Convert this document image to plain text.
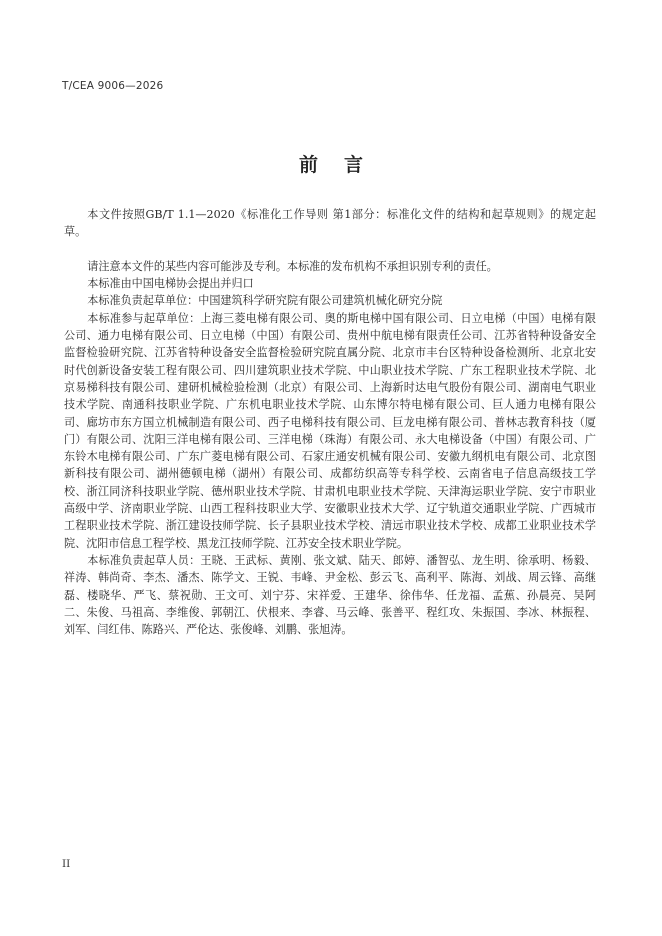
T/CEA 9006—2026
前言

本文件按照GB/T 1.1—2020《标准化工作导则 第1部分：标准化文件的结构和起草规则》的规定起草。

请注意本文件的某些内容可能涉及专利。本标准的发布机构不承担识别专利的责任。

本标准由中国电梯协会提出并归口

本标准负责起草单位：中国建筑科学研究院有限公司建筑机械化研究分院

本标准参与起草单位：上海三菱电梯有限公司、奥的斯电梯中国有限公司、日立电梯（中国）电梯有限公司、通力电梯有限公司、日立电梯（中国）有限公司、贵州中航电梯有限责任公司、江苏省特种设备安全监督检验研究院、江苏省特种设备安全监督检验研究院直属分院、北京市丰台区特种设备检测所、北京北安时代创新设备安装工程有限公司、四川建筑职业技术学院、中山职业技术学院、广东工程职业技术学院、北京易梯科技有限公司、建研机械检验检测（北京）有限公司、上海新时达电气股份有限公司、湖南电气职业技术学院、南通科技职业学院、广东机电职业技术学院、山东博尔特电梯有限公司、巨人通力电梯有限公司、廊坊市东方国立机械制造有限公司、西子电梯科技有限公司、巨龙电梯有限公司、普林志教育科技（厦门）有限公司、沈阳三洋电梯有限公司、三洋电梯（珠海）有限公司、永大电梯设备（中国）有限公司、广东铃木电梯有限公司、广东广菱电梯有限公司、石家庄通安机械有限公司、安徽九纲机电有限公司、北京图新科技有限公司、湖州德顿电梯（湖州）有限公司、成都纺织高等专科学校、云南省电子信息高级技工学校、浙江同济科技职业学院、德州职业技术学院、甘肃机电职业技术学院、天津海运职业学院、安宁市职业高级中学、济南职业学院、山西工程科技职业大学、安徽职业技术大学、辽宁轨道交通职业学院、广西城市工程职业技术学院、浙江建设技师学院、长子县职业技术学校、清远市职业技术学校、成都工业职业技术学院、沈阳市信息工程学校、黑龙江技师学院、江苏安全技术职业学院。

本标准负责起草人员：王晓、王武标、黄刚、张文斌、陆天、郎婷、潘智弘、龙生明、徐承明、杨毅、祥涛、韩尚奇、李杰、潘杰、陈学文、王锐、韦峰、尹金松、彭云飞、高利平、陈海、刘战、周云锋、高继磊、楼晓华、严飞、蔡祝勋、王文可、刘宁芬、宋祥爱、王建华、徐伟华、任龙福、孟蕉、孙晨亮、吴阿二、朱俊、马祖高、李维俊、郭朝江、伏根来、李睿、马云峰、张善平、程红攻、朱振国、李冰、林振程、刘军、闫红伟、陈路兴、严伦达、张俊峰、刘鹏、张旭涛。

II
